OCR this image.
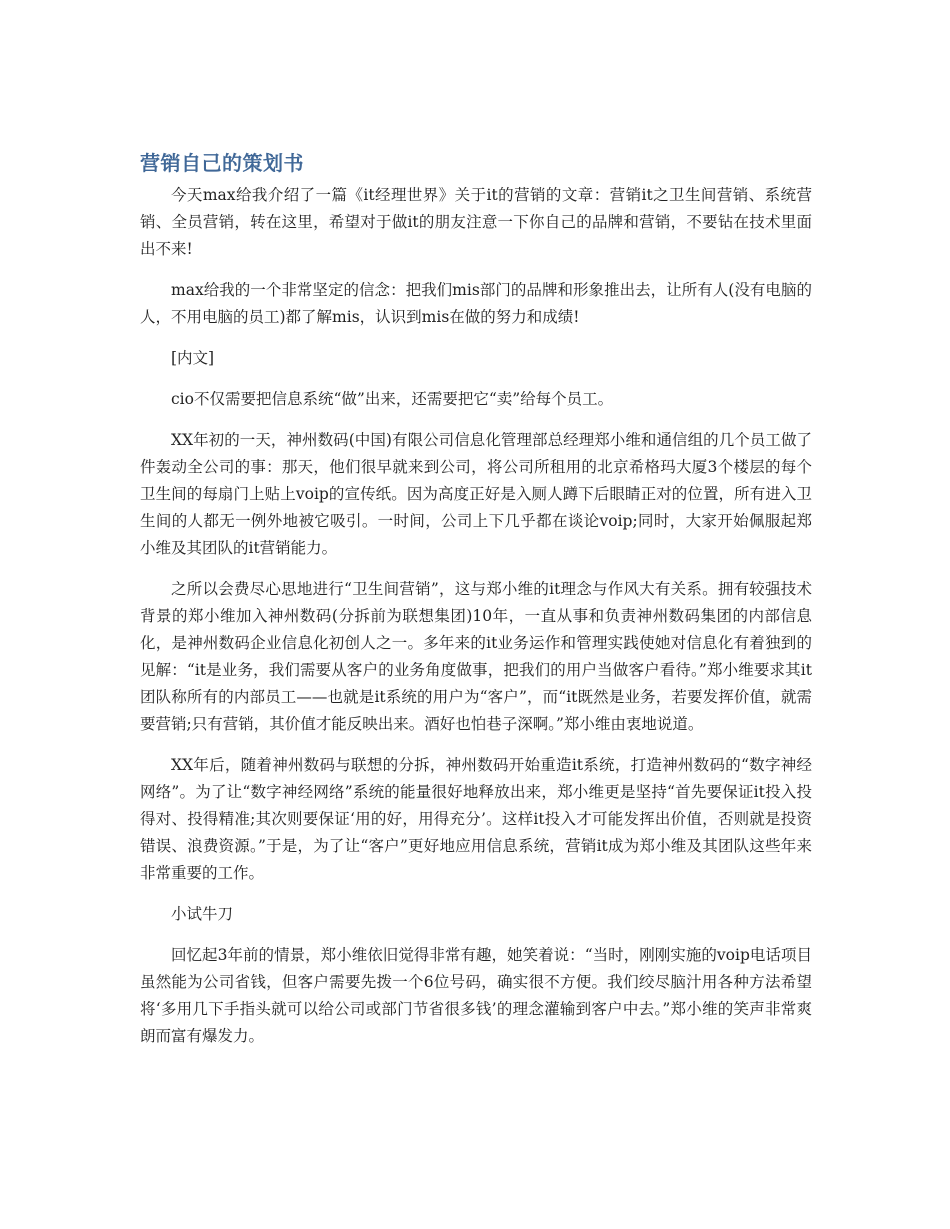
营销自己的策划书

今天max给我介绍了一篇《it经理世界》关于it的营销的文章：营销it之卫生间营销、系统营销、全员营销，转在这里，希望对于做it的朋友注意一下你自己的品牌和营销，不要钻在技术里面出不来!

max给我的一个非常坚定的信念：把我们mis部门的品牌和形象推出去，让所有人(没有电脑的人，不用电脑的员工)都了解mis，认识到mis在做的努力和成绩!

[内文]

cio不仅需要把信息系统“做”出来，还需要把它“卖”给每个员工。

XX年初的一天，神州数码(中国)有限公司信息化管理部总经理郑小维和通信组的几个员工做了件轰动全公司的事：那天，他们很早就来到公司，将公司所租用的北京希格玛大厦3个楼层的每个卫生间的每扇门上贴上voip的宣传纸。因为高度正好是入厕人蹲下后眼睛正对的位置，所有进入卫生间的人都无一例外地被它吸引。一时间，公司上下几乎都在谈论voip;同时，大家开始佩服起郑小维及其团队的it营销能力。

之所以会费尽心思地进行“卫生间营销”，这与郑小维的it理念与作风大有关系。拥有较强技术背景的郑小维加入神州数码(分拆前为联想集团)10年，一直从事和负责神州数码集团的内部信息化，是神州数码企业信息化初创人之一。多年来的it业务运作和管理实践使她对信息化有着独到的见解：“it是业务，我们需要从客户的业务角度做事，把我们的用户当做客户看待。”郑小维要求其it团队称所有的内部员工——也就是it系统的用户为“客户”，而“it既然是业务，若要发挥价值，就需要营销;只有营销，其价值才能反映出来。酒好也怕巷子深啊。”郑小维由衷地说道。

XX年后，随着神州数码与联想的分拆，神州数码开始重造it系统，打造神州数码的“数字神经网络”。为了让“数字神经网络”系统的能量很好地释放出来，郑小维更是坚持“首先要保证it投入投得对、投得精准;其次则要保证‘用的好，用得充分’。这样it投入才可能发挥出价值，否则就是投资错误、浪费资源。”于是，为了让“客户”更好地应用信息系统，营销it成为郑小维及其团队这些年来非常重要的工作。

小试牛刀

回忆起3年前的情景，郑小维依旧觉得非常有趣，她笑着说：“当时，刚刚实施的voip电话项目虽然能为公司省钱，但客户需要先拨一个6位号码，确实很不方便。我们绞尽脑汁用各种方法希望将‘多用几下手指头就可以给公司或部门节省很多钱’的理念灌输到客户中去。”郑小维的笑声非常爽朗而富有爆发力。
